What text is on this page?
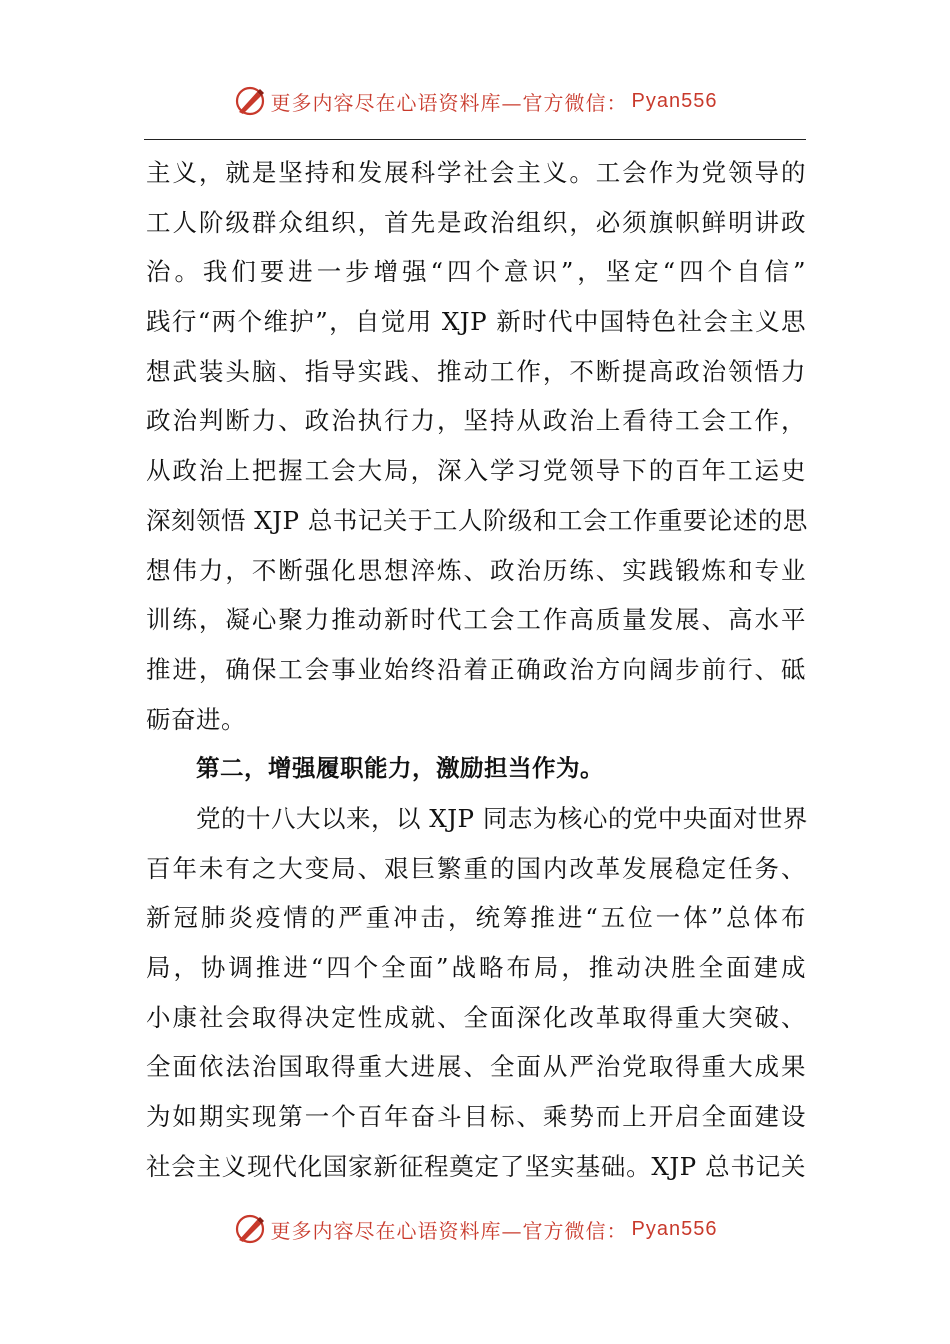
更多内容尽在心语资料库—官方微信： Pyan556
主义，就是坚持和发展科学社会主义。工会作为党领导的
工人阶级群众组织，首先是政治组织，必须旗帜鲜明讲政
治。我们要进一步增强“四个意识”，坚定“四个自信”
践行“两个维护”，自觉用 XJP 新时代中国特色社会主义思
想武装头脑、指导实践、推动工作，不断提高政治领悟力
政治判断力、政治执行力，坚持从政治上看待工会工作，
从政治上把握工会大局，深入学习党领导下的百年工运史
深刻领悟 XJP 总书记关于工人阶级和工会工作重要论述的思
想伟力，不断强化思想淬炼、政治历练、实践锻炼和专业
训练，凝心聚力推动新时代工会工作高质量发展、高水平
推进，确保工会事业始终沿着正确政治方向阔步前行、砥
砺奋进。
第二，增强履职能力，激励担当作为。
党的十八大以来，以 XJP 同志为核心的党中央面对世界
百年未有之大变局、艰巨繁重的国内改革发展稳定任务、
新冠肺炎疫情的严重冲击，统筹推进“五位一体”总体布
局，协调推进“四个全面”战略布局，推动决胜全面建成
小康社会取得决定性成就、全面深化改革取得重大突破、
全面依法治国取得重大进展、全面从严治党取得重大成果
为如期实现第一个百年奋斗目标、乘势而上开启全面建设
社会主义现代化国家新征程奠定了坚实基础。XJP 总书记关
更多内容尽在心语资料库—官方微信： Pyan556
